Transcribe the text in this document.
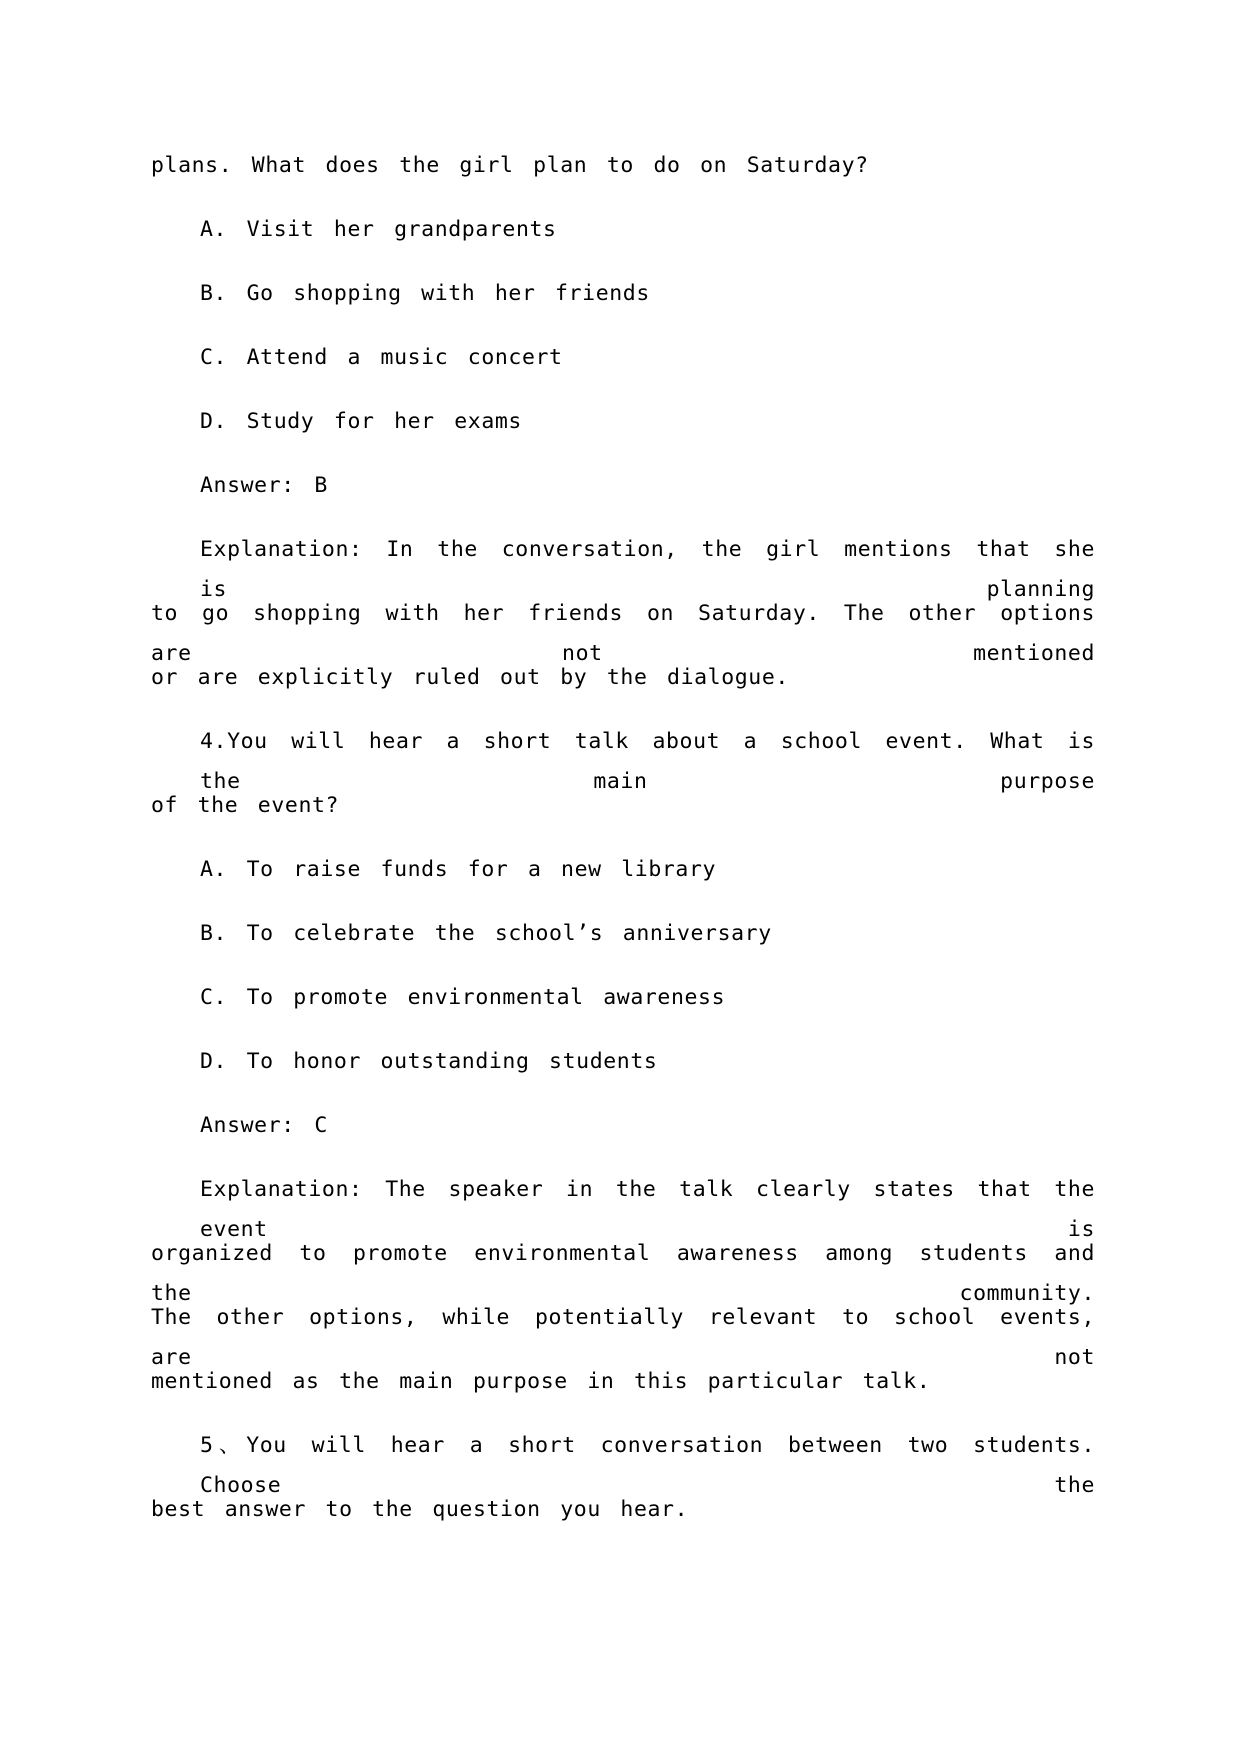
plans. What does the girl plan to do on Saturday?
A. Visit her grandparents
B. Go shopping with her friends
C. Attend a music concert
D. Study for her exams
Answer: B
Explanation: In the conversation, the girl mentions that she is planning
to go shopping with her friends on Saturday. The other options are not mentioned
or are explicitly ruled out by the dialogue.
4.You will hear a short talk about a school event. What is the main purpose
of the event?
A. To raise funds for a new library
B. To celebrate the school’s anniversary
C. To promote environmental awareness
D. To honor outstanding students
Answer: C
Explanation: The speaker in the talk clearly states that the event is
organized to promote environmental awareness among students and the community.
The other options, while potentially relevant to school events, are not
mentioned as the main purpose in this particular talk.
5、You will hear a short conversation between two students. Choose the
best answer to the question you hear.
